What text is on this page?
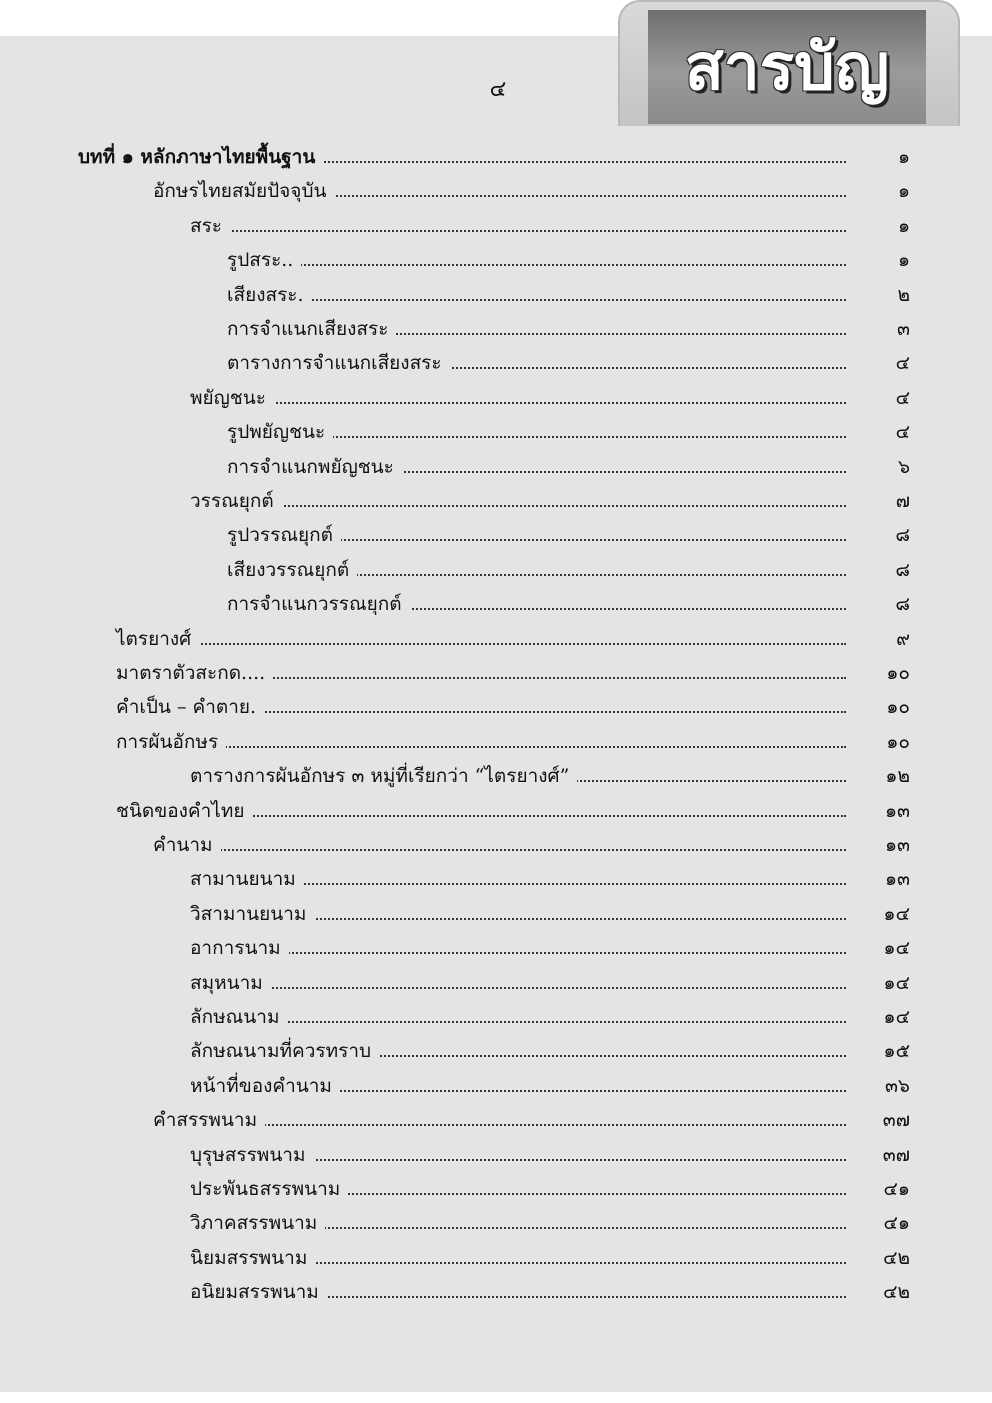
สารบัญ
๔
บทที่ ๑ หลักภาษาไทยพื้นฐาน	๑
อักษรไทยสมัยปัจจุบัน	๑
สระ	๑
รูปสระ..	๑
เสียงสระ.	๒
การจำแนกเสียงสระ	๓
ตารางการจำแนกเสียงสระ	๔
พยัญชนะ	๔
รูปพยัญชนะ	๔
การจำแนกพยัญชนะ	๖
วรรณยุกต์	๗
รูปวรรณยุกต์	๘
เสียงวรรณยุกต์	๘
การจำแนกวรรณยุกต์	๘
ไตรยางศ์	๙
มาตราตัวสะกด....	๑๐
คำเป็น – คำตาย.	๑๐
การผันอักษร	๑๐
ตารางการผันอักษร ๓ หมู่ที่เรียกว่า “ไตรยางศ์”	๑๒
ชนิดของคำไทย	๑๓
คำนาม	๑๓
สามานยนาม	๑๓
วิสามานยนาม	๑๔
อาการนาม	๑๔
สมุหนาม	๑๔
ลักษณนาม	๑๔
ลักษณนามที่ควรทราบ	๑๕
หน้าที่ของคำนาม	๓๖
คำสรรพนาม	๓๗
บุรุษสรรพนาม	๓๗
ประพันธสรรพนาม	๔๑
วิภาคสรรพนาม	๔๑
นิยมสรรพนาม	๔๒
อนิยมสรรพนาม	๔๒
